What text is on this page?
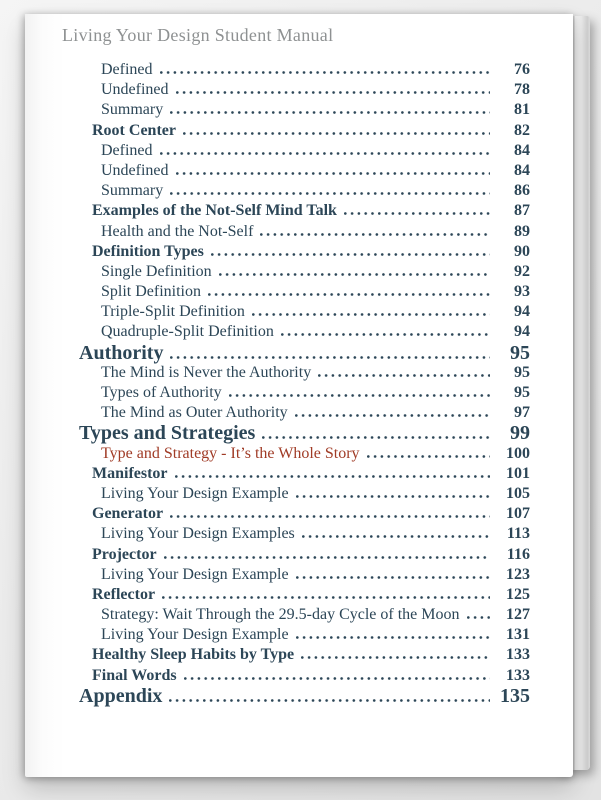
Living Your Design Student Manual
Defined	76
Undefined	78
Summary	81
Root Center	82
Defined	84
Undefined	84
Summary	86
Examples of the Not-Self Mind Talk	87
Health and the Not-Self	89
Definition Types	90
Single Definition	92
Split Definition	93
Triple-Split Definition	94
Quadruple-Split Definition	94
Authority	95
The Mind is Never the Authority	95
Types of Authority	95
The Mind as Outer Authority	97
Types and Strategies	99
Type and Strategy - It’s the Whole Story	100
Manifestor	101
Living Your Design Example	105
Generator	107
Living Your Design Examples	113
Projector	116
Living Your Design Example	123
Reflector	125
Strategy: Wait Through the 29.5-day Cycle of the Moon	127
Living Your Design Example	131
Healthy Sleep Habits by Type	133
Final Words	133
Appendix	135
